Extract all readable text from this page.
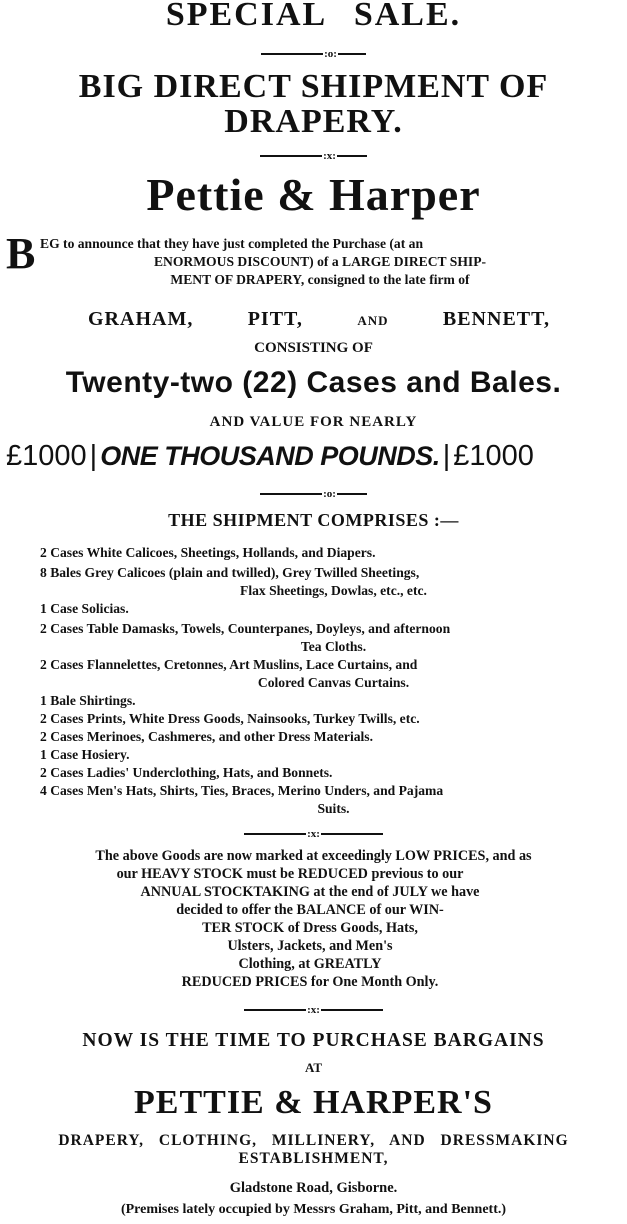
SPECIAL SALE.
:o:
BIG DIRECT SHIPMENT OF
DRAPERY.
:x:
Pettie & Harper
B EG to announce that they have just completed the Purchase (at an
ENORMOUS DISCOUNT) of a LARGE DIRECT SHIP-
MENT OF DRAPERY, consigned to the late firm of
GRAHAM,	PITT,	AND	BENNETT,
CONSISTING OF
Twenty-two (22) Cases and Bales.
AND VALUE FOR NEARLY
£1000 | ONE THOUSAND POUNDS. | £1000
:o:
THE SHIPMENT COMPRISES :—
2 Cases White Calicoes, Sheetings, Hollands, and Diapers.
8 Bales Grey Calicoes (plain and twilled), Grey Twilled Sheetings,
Flax Sheetings, Dowlas, etc., etc.
1 Case Solicias.
2 Cases Table Damasks, Towels, Counterpanes, Doyleys, and afternoon
Tea Cloths.
2 Cases Flannelettes, Cretonnes, Art Muslins, Lace Curtains, and
Colored Canvas Curtains.
1 Bale Shirtings.
2 Cases Prints, White Dress Goods, Nainsooks, Turkey Twills, etc.
2 Cases Merinoes, Cashmeres, and other Dress Materials.
1 Case Hosiery.
2 Cases Ladies' Underclothing, Hats, and Bonnets.
4 Cases Men's Hats, Shirts, Ties, Braces, Merino Unders, and Pajama
Suits.
:x:
The above Goods are now marked at exceedingly LOW PRICES, and as
our HEAVY STOCK must be REDUCED previous to our
ANNUAL STOCKTAKING at the end of JULY we have
decided to offer the BALANCE of our WIN-
TER STOCK of Dress Goods, Hats,
Ulsters, Jackets, and Men's
Clothing, at GREATLY
REDUCED PRICES for One Month Only.
:x:
NOW IS THE TIME TO PURCHASE BARGAINS
AT
PETTIE & HARPER'S
DRAPERY, CLOTHING, MILLINERY, AND DRESSMAKING
ESTABLISHMENT,
Gladstone Road, Gisborne.
(Premises lately occupied by Messrs Graham, Pitt, and Bennett.)
